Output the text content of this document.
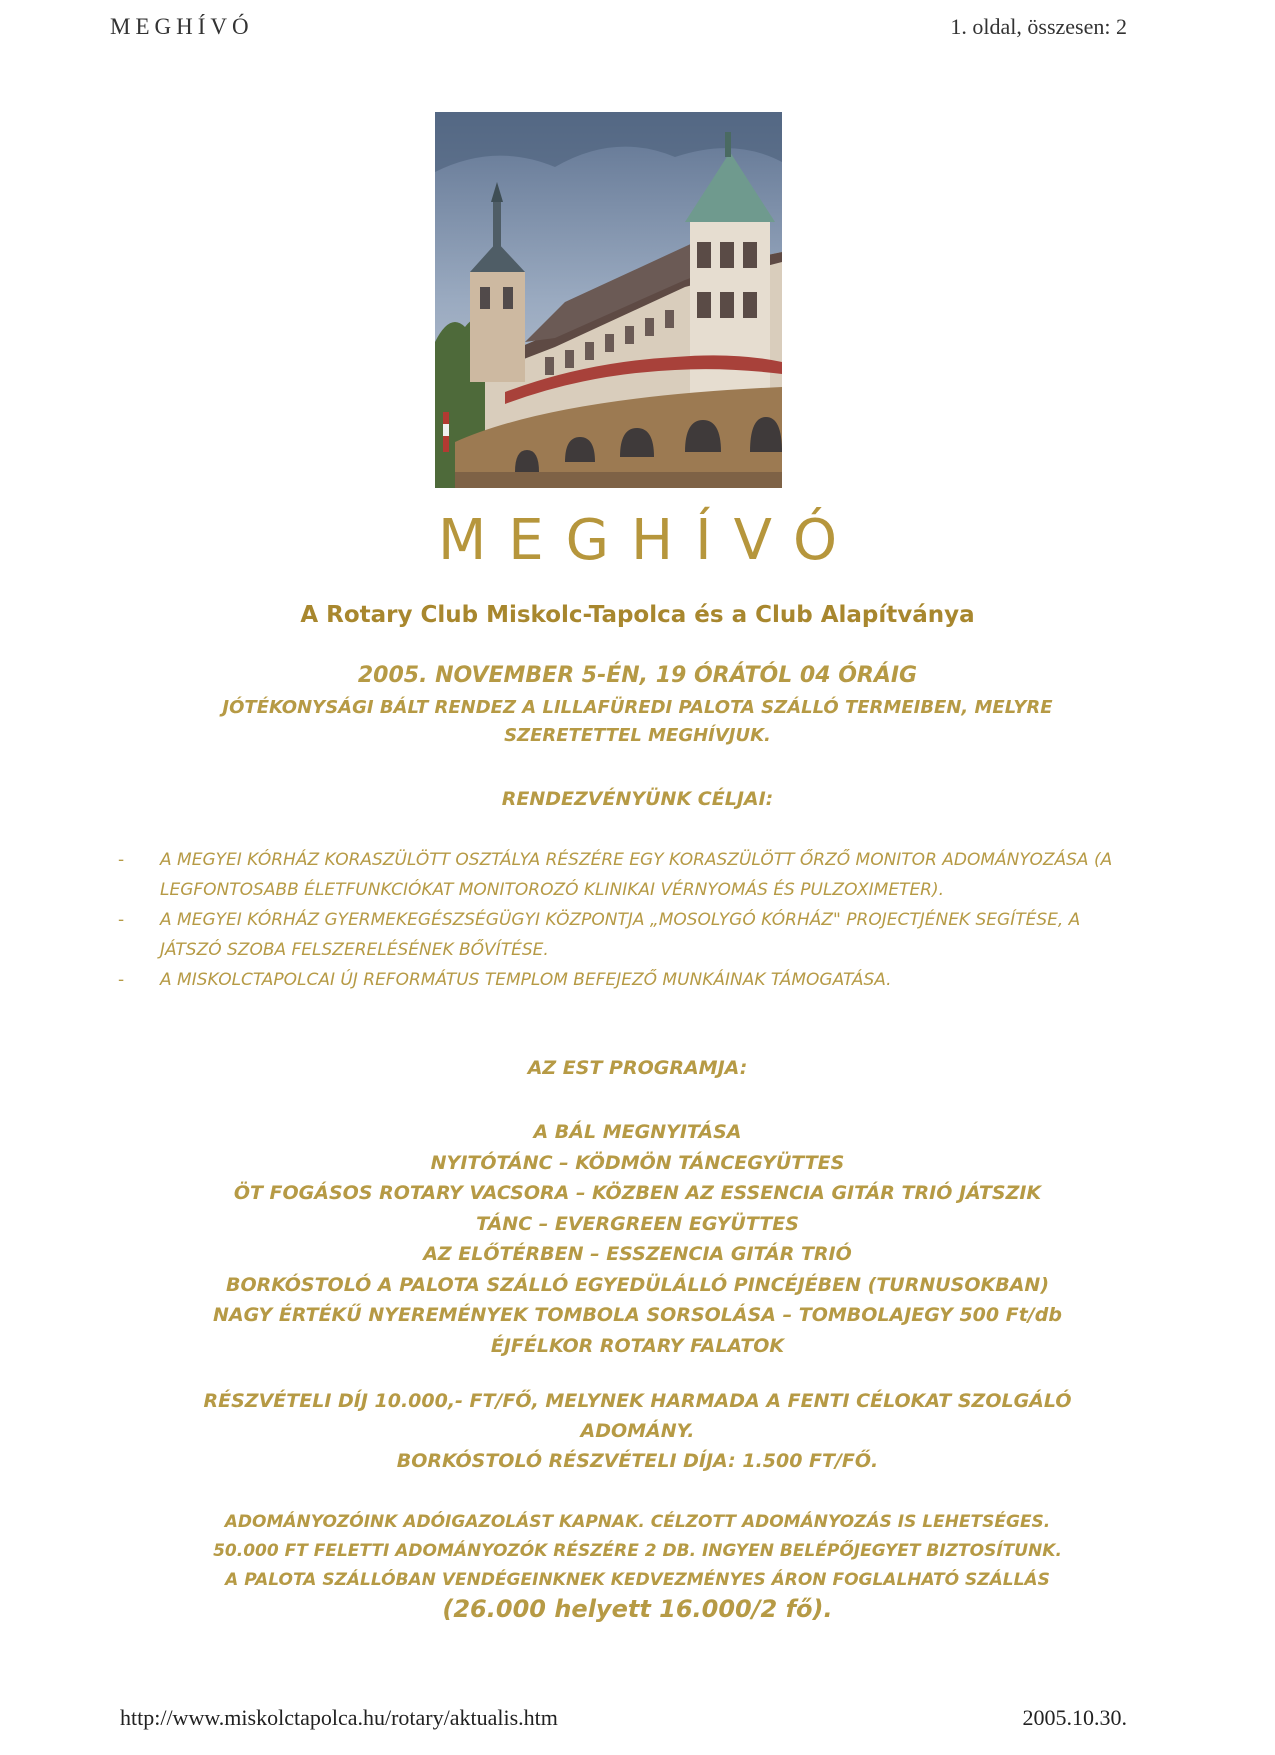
MEGHÍVÓ	1. oldal, összesen: 2
MEGHÍVÓ
A Rotary Club Miskolc-Tapolca és a Club Alapítványa
2005. NOVEMBER 5-ÉN, 19 ÓRÁTÓL 04 ÓRÁIG
JÓTÉKONYSÁGI BÁLT RENDEZ A LILLAFÜREDI PALOTA SZÁLLÓ TERMEIBEN, MELYRE
SZERETETTEL MEGHÍVJUK.
RENDEZVÉNYÜNK CÉLJAI:
- A MEGYEI KÓRHÁZ KORASZÜLÖTT OSZTÁLYA RÉSZÉRE EGY KORASZÜLÖTT ŐRZŐ MONITOR ADOMÁNYOZÁSA (A LEGFONTOSABB ÉLETFUNKCIÓKAT MONITOROZÓ KLINIKAI VÉRNYOMÁS ÉS PULZOXIMETER).
- A MEGYEI KÓRHÁZ GYERMEKEGÉSZSÉGÜGYI KÖZPONTJA „MOSOLYGÓ KÓRHÁZ" PROJECTJÉNEK SEGÍTÉSE, A JÁTSZÓ SZOBA FELSZERELÉSÉNEK BŐVÍTÉSE.
- A MISKOLCTAPOLCAI ÚJ REFORMÁTUS TEMPLOM BEFEJEZŐ MUNKÁINAK TÁMOGATÁSA.
AZ EST PROGRAMJA:
A BÁL MEGNYITÁSA
NYITÓTÁNC – KÖDMÖN TÁNCEGYÜTTES
ÖT FOGÁSOS ROTARY VACSORA – KÖZBEN AZ ESSENCIA GITÁR TRIÓ JÁTSZIK
TÁNC – EVERGREEN EGYÜTTES
AZ ELŐTÉRBEN – ESSZENCIA GITÁR TRIÓ
BORKÓSTOLÓ A PALOTA SZÁLLÓ EGYEDÜLÁLLÓ PINCÉJÉBEN (TURNUSOKBAN)
NAGY ÉRTÉKŰ NYEREMÉNYEK TOMBOLA SORSOLÁSA – TOMBOLAJEGY 500 Ft/db
ÉJFÉLKOR ROTARY FALATOK
RÉSZVÉTELI DÍJ 10.000,- FT/FŐ, MELYNEK HARMADA A FENTI CÉLOKAT SZOLGÁLÓ
ADOMÁNY.
BORKÓSTOLÓ RÉSZVÉTELI DÍJA: 1.500 FT/FŐ.
ADOMÁNYOZÓINK ADÓIGAZOLÁST KAPNAK. CÉLZOTT ADOMÁNYOZÁS IS LEHETSÉGES.
50.000 FT FELETTI ADOMÁNYOZÓK RÉSZÉRE 2 DB. INGYEN BELÉPŐJEGYET BIZTOSÍTUNK.
A PALOTA SZÁLLÓBAN VENDÉGEINKNEK KEDVEZMÉNYES ÁRON FOGLALHATÓ SZÁLLÁS
(26.000 helyett 16.000/2 fő).
http://www.miskolctapolca.hu/rotary/aktualis.htm	2005.10.30.
